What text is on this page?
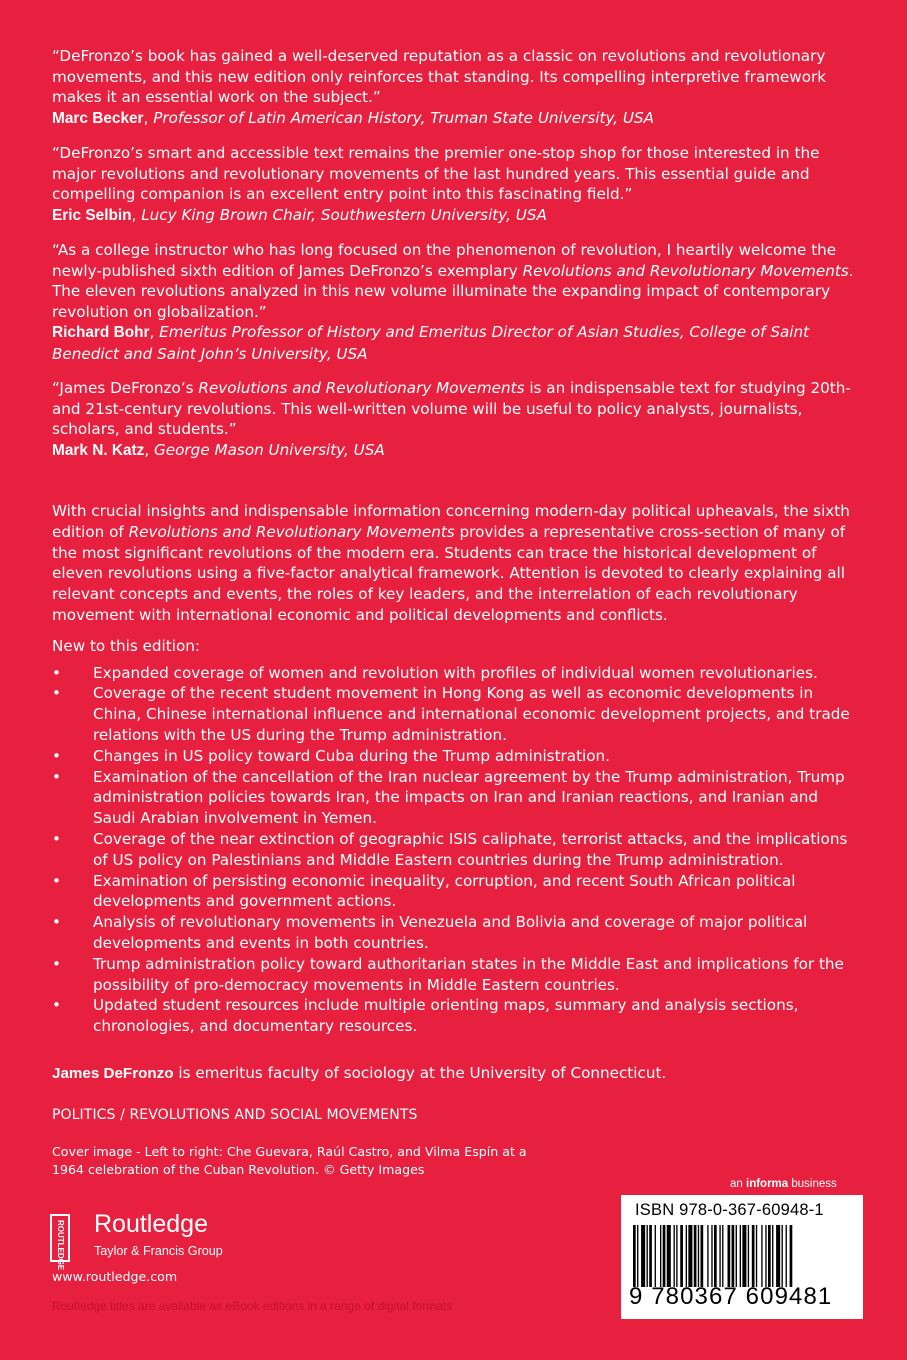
“DeFronzo’s book has gained a well-deserved reputation as a classic on revolutions and revolutionary movements, and this new edition only reinforces that standing. Its compelling interpretive framework makes it an essential work on the subject.”

Marc Becker, Professor of Latin American History, Truman State University, USA

“DeFronzo’s smart and accessible text remains the premier one-stop shop for those interested in the major revolutions and revolutionary movements of the last hundred years. This essential guide and compelling companion is an excellent entry point into this fascinating field.”

Eric Selbin, Lucy King Brown Chair, Southwestern University, USA

“As a college instructor who has long focused on the phenomenon of revolution, I heartily welcome the newly-published sixth edition of James DeFronzo’s exemplary Revolutions and Revolutionary Movements. The eleven revolutions analyzed in this new volume illuminate the expanding impact of contemporary revolution on globalization.”

Richard Bohr, Emeritus Professor of History and Emeritus Director of Asian Studies, College of Saint Benedict and Saint John’s University, USA

“James DeFronzo’s Revolutions and Revolutionary Movements is an indispensable text for studying 20th- and 21st-century revolutions. This well-written volume will be useful to policy analysts, journalists, scholars, and students.”

Mark N. Katz, George Mason University, USA

With crucial insights and indispensable information concerning modern-day political upheavals, the sixth edition of Revolutions and Revolutionary Movements provides a representative cross-section of many of the most significant revolutions of the modern era. Students can trace the historical development of eleven revolutions using a five-factor analytical framework. Attention is devoted to clearly explaining all relevant concepts and events, the roles of key leaders, and the interrelation of each revolutionary movement with international economic and political developments and conflicts.

New to this edition:

• Expanded coverage of women and revolution with profiles of individual women revolutionaries.
• Coverage of the recent student movement in Hong Kong as well as economic developments in China, Chinese international influence and international economic development projects, and trade relations with the US during the Trump administration.
• Changes in US policy toward Cuba during the Trump administration.
• Examination of the cancellation of the Iran nuclear agreement by the Trump administration, Trump administration policies towards Iran, the impacts on Iran and Iranian reactions, and Iranian and Saudi Arabian involvement in Yemen.
• Coverage of the near extinction of geographic ISIS caliphate, terrorist attacks, and the implications of US policy on Palestinians and Middle Eastern countries during the Trump administration.
• Examination of persisting economic inequality, corruption, and recent South African political developments and government actions.
• Analysis of revolutionary movements in Venezuela and Bolivia and coverage of major political developments and events in both countries.
• Trump administration policy toward authoritarian states in the Middle East and implications for the possibility of pro-democracy movements in Middle Eastern countries.
• Updated student resources include multiple orienting maps, summary and analysis sections, chronologies, and documentary resources.

James DeFronzo is emeritus faculty of sociology at the University of Connecticut.

POLITICS / REVOLUTIONS AND SOCIAL MOVEMENTS

Cover image - Left to right: Che Guevara, Raúl Castro, and Vilma Espín at a 1964 celebration of the Cuban Revolution. © Getty Images

ROUTLEDGE Routledge
Taylor & Francis Group
www.routledge.com
Routledge titles are available as eBook editions in a range of digital formats
an informa business
ISBN 978-0-367-60948-1
9 780367 609481
